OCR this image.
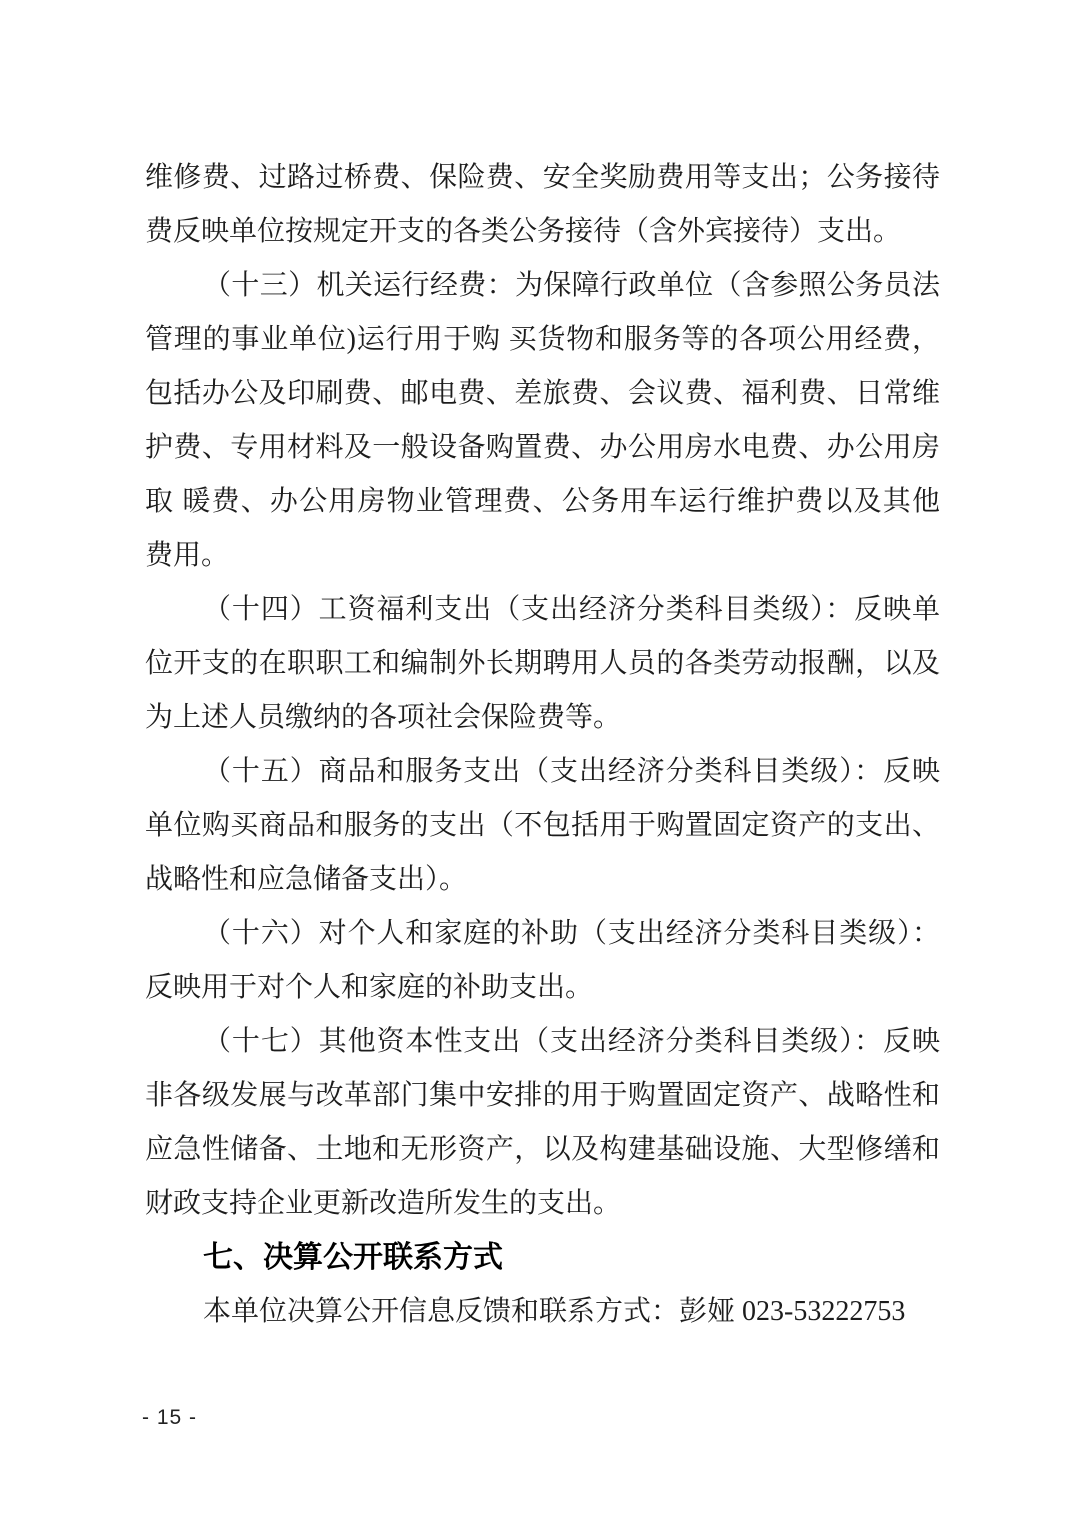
维修费、过路过桥费、保险费、安全奖励费用等支出；公务接待
费反映单位按规定开支的各类公务接待（含外宾接待）支出。
（十三）机关运行经费：为保障行政单位（含参照公务员法
管理的事业单位)运行用于购 买货物和服务等的各项公用经费，
包括办公及印刷费、邮电费、差旅费、会议费、福利费、日常维
护费、专用材料及一般设备购置费、办公用房水电费、办公用房
取 暖费、办公用房物业管理费、公务用车运行维护费以及其他
费用。
（十四）工资福利支出（支出经济分类科目类级）：反映单
位开支的在职职工和编制外长期聘用人员的各类劳动报酬，以及
为上述人员缴纳的各项社会保险费等。
（十五）商品和服务支出（支出经济分类科目类级）：反映
单位购买商品和服务的支出（不包括用于购置固定资产的支出、
战略性和应急储备支出）。
（十六）对个人和家庭的补助（支出经济分类科目类级）：
反映用于对个人和家庭的补助支出。
（十七）其他资本性支出（支出经济分类科目类级）：反映
非各级发展与改革部门集中安排的用于购置固定资产、战略性和
应急性储备、土地和无形资产，以及构建基础设施、大型修缮和
财政支持企业更新改造所发生的支出。
七、决算公开联系方式
本单位决算公开信息反馈和联系方式：彭娅 023-53222753
- 15 -
